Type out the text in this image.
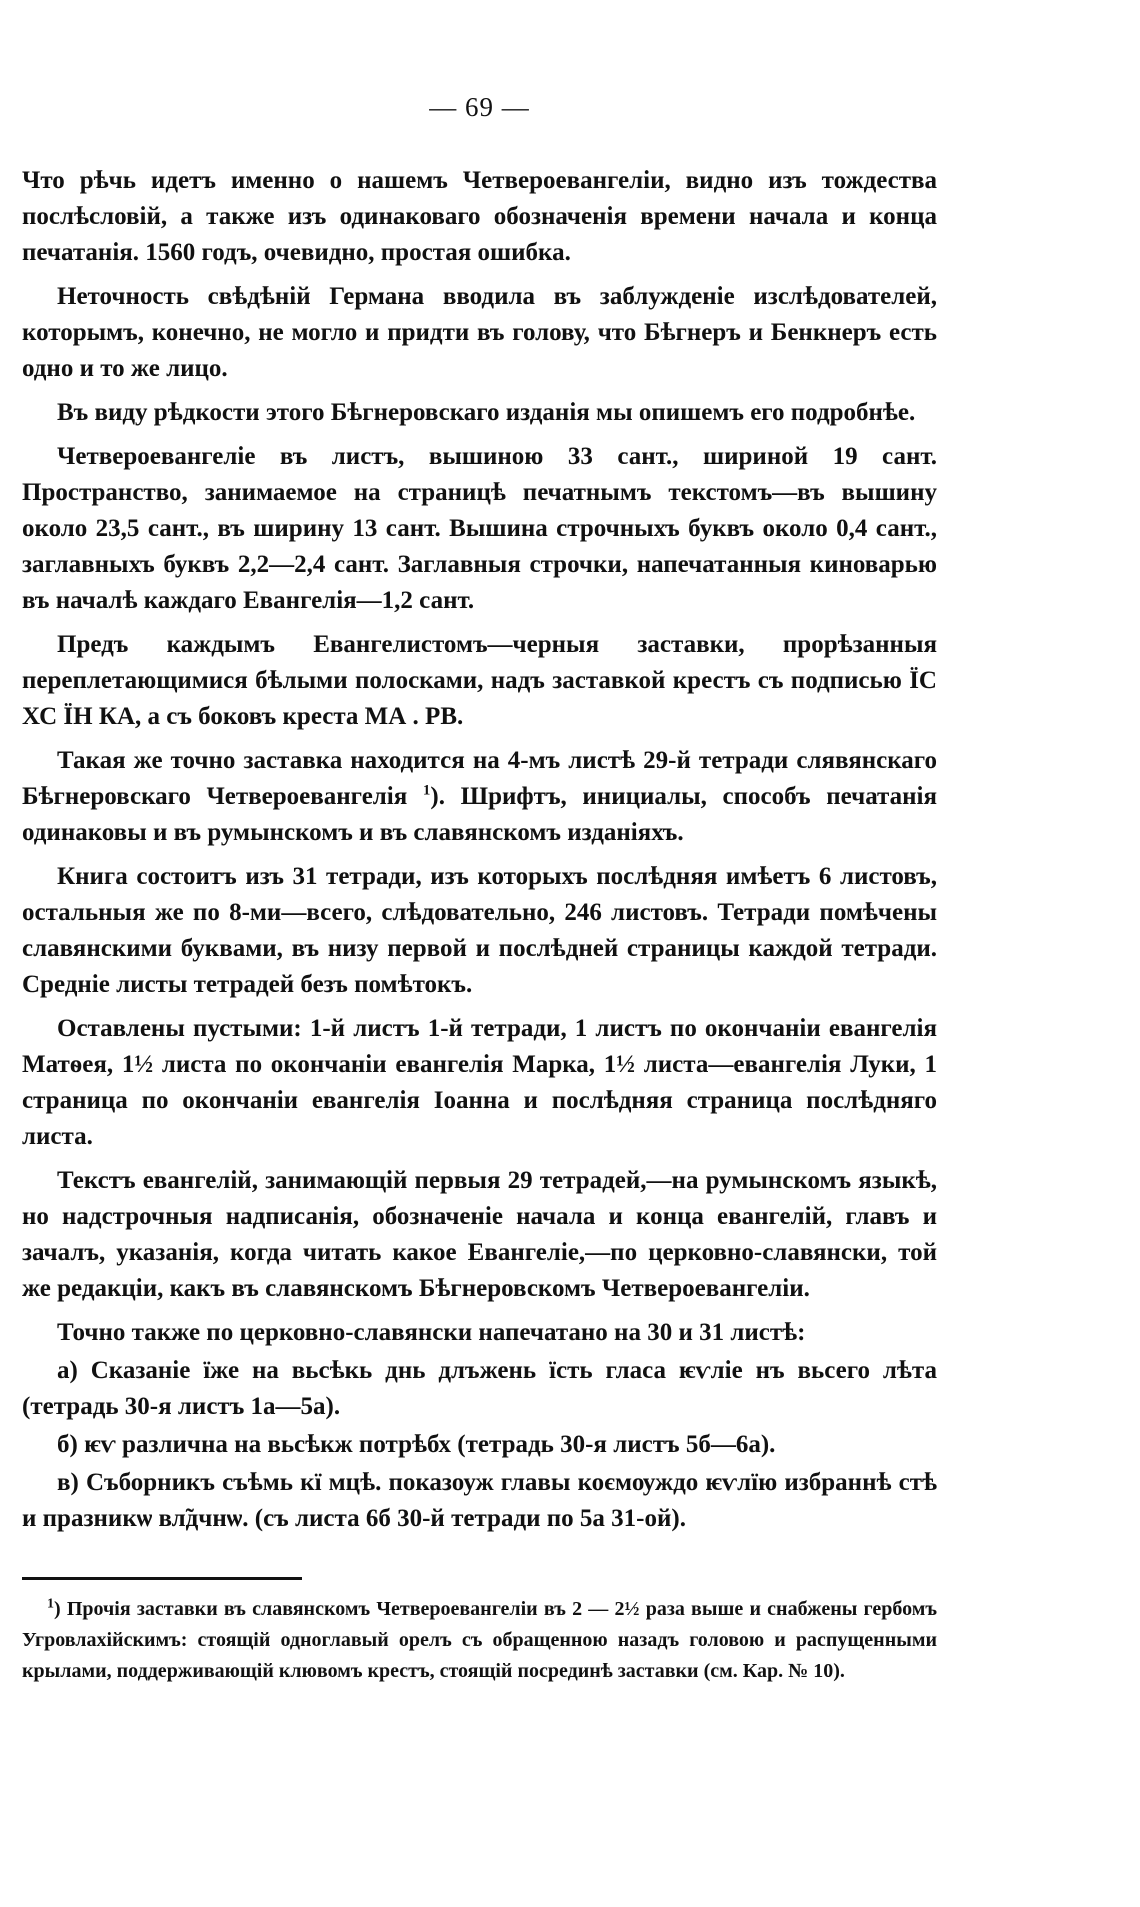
— 69 —

Что рѣчь идетъ именно о нашемъ Четвероевангеліи, видно изъ тождества послѣсловій, а также изъ одинаковаго обозначенія времени начала и конца печатанія. 1560 годъ, очевидно, простая ошибка.

Неточность свѣдѣній Германа вводила въ заблужденіе изслѣдователей, которымъ, конечно, не могло и придти въ голову, что Бѣгнеръ и Бенкнеръ есть одно и то же лицо.

Въ виду рѣдкости этого Бѣгнеровскаго изданія мы опишемъ его подробнѣе.

Четвероевангеліе въ листъ, вышиною 33 сант., шириной 19 сант. Пространство, занимаемое на страницѣ печатнымъ текстомъ—въ вышину около 23,5 сант., въ ширину 13 сант. Вышина строчныхъ буквъ около 0,4 сант., заглавныхъ буквъ 2,2—2,4 сант. Заглавныя строчки, напечатанныя киноварью въ началѣ каждаго Евангелія—1,2 сант.

Предъ каждымъ Евангелистомъ—черныя заставки, прорѣзанныя переплетающимися бѣлыми полосками, надъ заставкой крестъ съ подписью ЇС ХС ЇН КА, а съ боковъ креста МА . РВ.

Такая же точно заставка находится на 4-мъ листѣ 29-й тетради слявянскаго Бѣгнеровскаго Четвероевангелія $^1$). Шрифтъ, инициалы, способъ печатанія одинаковы и въ румынскомъ и въ славянскомъ изданіяхъ.

Книга состоитъ изъ 31 тетради, изъ которыхъ послѣдняя имѣетъ 6 листовъ, остальныя же по 8-ми—всего, слѣдовательно, 246 листовъ. Тетради помѣчены славянскими буквами, въ низу первой и послѣдней страницы каждой тетради. Средніе листы тетрадей безъ помѣтокъ.

Оставлены пустыми: 1-й листъ 1-й тетради, 1 листъ по окончаніи евангелія Матѳея, 1½ листа по окончаніи евангелія Марка, 1½ листа—евангелія Луки, 1 страница по окончаніи евангелія Іоанна и послѣдняя страница послѣдняго листа.

Текстъ евангелій, занимающій первыя 29 тетрадей,—на румынскомъ языкѣ, но надстрочныя надписанія, обозначеніе начала и конца евангелій, главъ и зачалъ, указанія, когда читать какое Евангеліе,—по церковно-славянски, той же редакціи, какъ въ славянскомъ Бѣгнеровскомъ Четвероевангеліи.

Точно также по церковно-славянски напечатано на 30 и 31 листѣ:

а) Сказаніе їже на вьсѣкь днь длъжень їсть гласа ѥѵліе нъ вьсего лѣта (тетрадь 30-я листъ 1а—5а).

б) ѥѵ различна на вьсѣкж потрѣбх (тетрадь 30-я листъ 5б—6а).

в) Съборникъ съѣмь кї мцѣ. показоуж главы коємѹждо ѥѵлїю избраннѣ стѣ и празникѡ вл̃дчнѡ. (съ листа 6б 30-й тетради по 5а 31-ой).

$^1$) Прочія заставки въ славянскомъ Четвероевангеліи въ 2 — 2½ раза выше и снабжены гербомъ Угровлахійскимъ: стоящій одноглавый орелъ съ обращенною назадъ головою и распущенными крылами, поддерживающій клювомъ крестъ, стоящій посрединѣ заставки (см. Кар. № 10).
